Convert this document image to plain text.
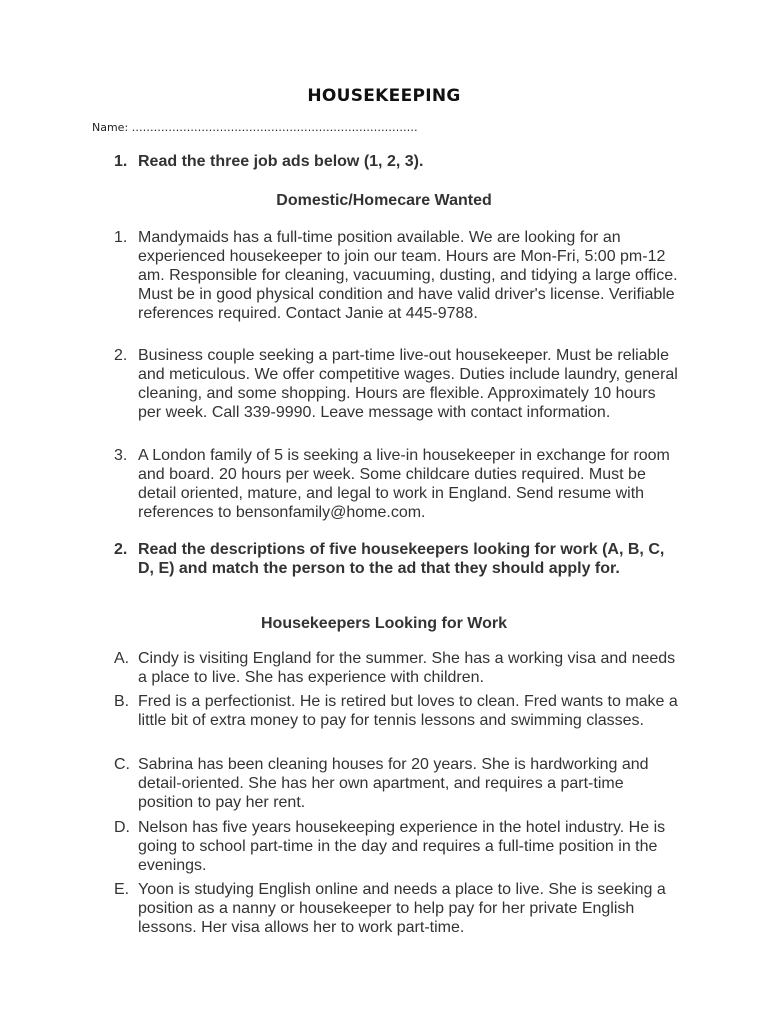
HOUSEKEEPING
Name: ……………………………………………………………………
1. Read the three job ads below (1, 2, 3).
Domestic/Homecare Wanted
1. Mandymaids has a full-time position available. We are looking for an experienced housekeeper to join our team. Hours are Mon-Fri, 5:00 pm-12 am. Responsible for cleaning, vacuuming, dusting, and tidying a large office. Must be in good physical condition and have valid driver's license. Verifiable references required. Contact Janie at 445-9788.
2. Business couple seeking a part-time live-out housekeeper. Must be reliable and meticulous. We offer competitive wages. Duties include laundry, general cleaning, and some shopping. Hours are flexible. Approximately 10 hours per week. Call 339-9990. Leave message with contact information.
3. A London family of 5 is seeking a live-in housekeeper in exchange for room and board. 20 hours per week. Some childcare duties required. Must be detail oriented, mature, and legal to work in England. Send resume with references to bensonfamily@home.com.
2. Read the descriptions of five housekeepers looking for work (A, B, C, D, E) and match the person to the ad that they should apply for.
Housekeepers Looking for Work
A. Cindy is visiting England for the summer. She has a working visa and needs a place to live. She has experience with children.
B. Fred is a perfectionist. He is retired but loves to clean. Fred wants to make a little bit of extra money to pay for tennis lessons and swimming classes.
C. Sabrina has been cleaning houses for 20 years. She is hardworking and detail-oriented. She has her own apartment, and requires a part-time position to pay her rent.
D. Nelson has five years housekeeping experience in the hotel industry. He is going to school part-time in the day and requires a full-time position in the evenings.
E. Yoon is studying English online and needs a place to live. She is seeking a position as a nanny or housekeeper to help pay for her private English lessons. Her visa allows her to work part-time.
